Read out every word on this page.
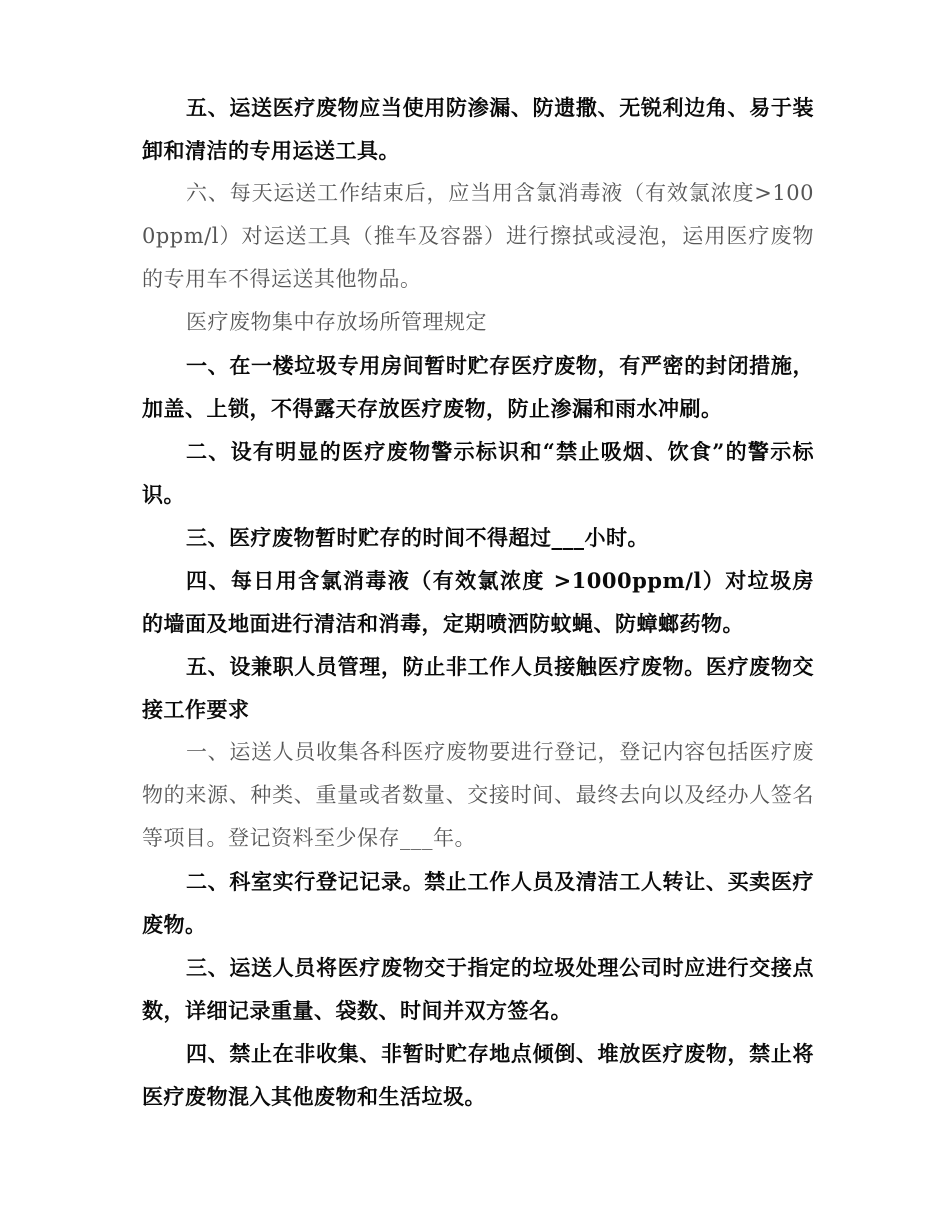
五、运送医疗废物应当使用防渗漏、防遗撒、无锐利边角、易于装卸和清洁的专用运送工具。

六、每天运送工作结束后，应当用含氯消毒液（有效氯浓度>1000ppm/l）对运送工具（推车及容器）进行擦拭或浸泡，运用医疗废物的专用车不得运送其他物品。

医疗废物集中存放场所管理规定

一、在一楼垃圾专用房间暂时贮存医疗废物，有严密的封闭措施，加盖、上锁，不得露天存放医疗废物，防止渗漏和雨水冲刷。

二、设有明显的医疗废物警示标识和“禁止吸烟、饮食”的警示标识。

三、医疗废物暂时贮存的时间不得超过___小时。

四、每日用含氯消毒液（有效氯浓度 >1000ppm/l）对垃圾房的墙面及地面进行清洁和消毒，定期喷洒防蚊蝇、防蟑螂药物。

五、设兼职人员管理，防止非工作人员接触医疗废物。医疗废物交接工作要求

一、运送人员收集各科医疗废物要进行登记，登记内容包括医疗废物的来源、种类、重量或者数量、交接时间、最终去向以及经办人签名等项目。登记资料至少保存___年。

二、科室实行登记记录。禁止工作人员及清洁工人转让、买卖医疗废物。

三、运送人员将医疗废物交于指定的垃圾处理公司时应进行交接点数，详细记录重量、袋数、时间并双方签名。

四、禁止在非收集、非暂时贮存地点倾倒、堆放医疗废物，禁止将医疗废物混入其他废物和生活垃圾。
